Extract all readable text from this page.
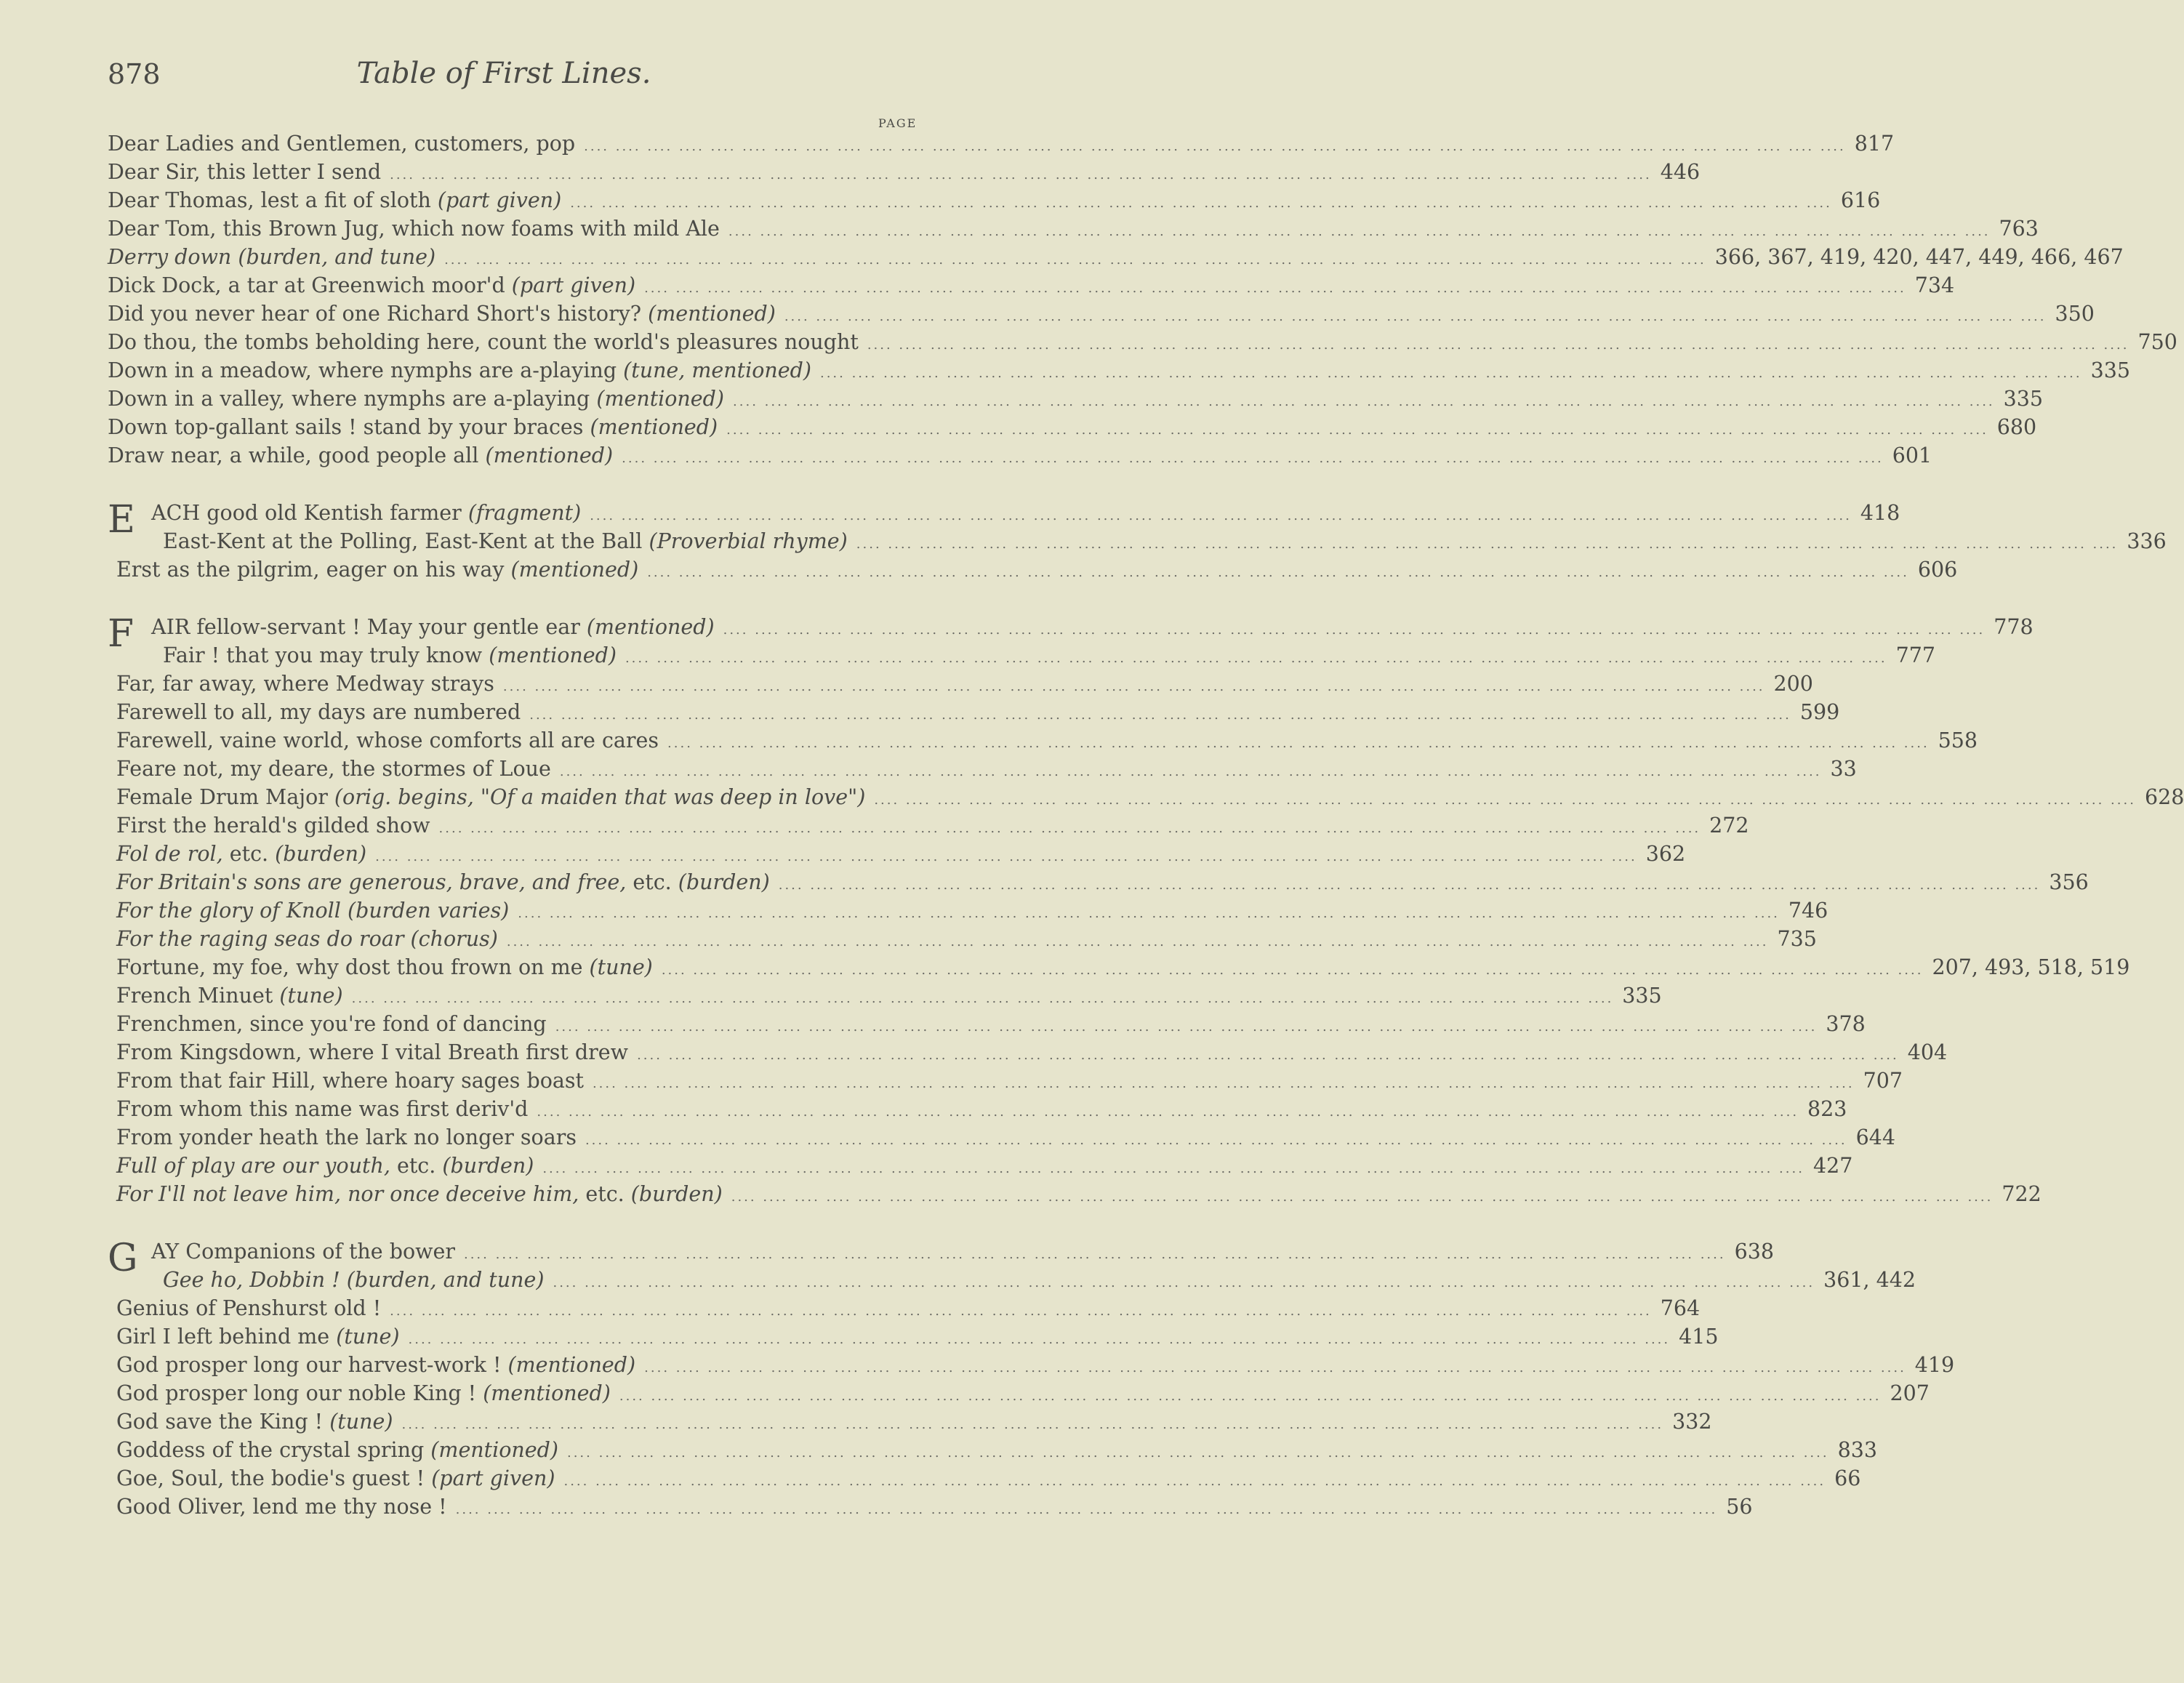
878	Table of First Lines.
PAGE
Dear Ladies and Gentlemen, customers, pop .... .... .... .... .... .... .... .... .... .... .... .... .... .... .... .... .... .... .... .... .... .... .... .... .... .... .... .... .... .... .... .... .... .... .... .... .... .... .... .... 817
Dear Sir, this letter I send .... .... .... .... .... .... .... .... .... .... .... .... .... .... .... .... .... .... .... .... .... .... .... .... .... .... .... .... .... .... .... .... .... .... .... .... .... .... .... .... 446
Dear Thomas, lest a fit of sloth (part given) .... .... .... .... .... .... .... .... .... .... .... .... .... .... .... .... .... .... .... .... .... .... .... .... .... .... .... .... .... .... .... .... .... .... .... .... .... .... .... .... 616
Dear Tom, this Brown Jug, which now foams with mild Ale .... .... .... .... .... .... .... .... .... .... .... .... .... .... .... .... .... .... .... .... .... .... .... .... .... .... .... .... .... .... .... .... .... .... .... .... .... .... .... .... 763
Derry down (burden, and tune) .... .... .... .... .... .... .... .... .... .... .... .... .... .... .... .... .... .... .... .... .... .... .... .... .... .... .... .... .... .... .... .... .... .... .... .... .... .... .... .... 366, 367, 419, 420, 447, 449, 466, 467
Dick Dock, a tar at Greenwich moor'd (part given) .... .... .... .... .... .... .... .... .... .... .... .... .... .... .... .... .... .... .... .... .... .... .... .... .... .... .... .... .... .... .... .... .... .... .... .... .... .... .... .... 734
Did you never hear of one Richard Short's history? (mentioned) .... .... .... .... .... .... .... .... .... .... .... .... .... .... .... .... .... .... .... .... .... .... .... .... .... .... .... .... .... .... .... .... .... .... .... .... .... .... .... .... 350
Do thou, the tombs beholding here, count the world's pleasures nought .... .... .... .... .... .... .... .... .... .... .... .... .... .... .... .... .... .... .... .... .... .... .... .... .... .... .... .... .... .... .... .... .... .... .... .... .... .... .... .... 750
Down in a meadow, where nymphs are a-playing (tune, mentioned) .... .... .... .... .... .... .... .... .... .... .... .... .... .... .... .... .... .... .... .... .... .... .... .... .... .... .... .... .... .... .... .... .... .... .... .... .... .... .... .... 335
Down in a valley, where nymphs are a-playing (mentioned) .... .... .... .... .... .... .... .... .... .... .... .... .... .... .... .... .... .... .... .... .... .... .... .... .... .... .... .... .... .... .... .... .... .... .... .... .... .... .... .... 335
Down top-gallant sails ! stand by your braces (mentioned) .... .... .... .... .... .... .... .... .... .... .... .... .... .... .... .... .... .... .... .... .... .... .... .... .... .... .... .... .... .... .... .... .... .... .... .... .... .... .... .... 680
Draw near, a while, good people all (mentioned) .... .... .... .... .... .... .... .... .... .... .... .... .... .... .... .... .... .... .... .... .... .... .... .... .... .... .... .... .... .... .... .... .... .... .... .... .... .... .... .... 601
E ACH good old Kentish farmer (fragment) .... .... .... .... .... .... .... .... .... .... .... .... .... .... .... .... .... .... .... .... .... .... .... .... .... .... .... .... .... .... .... .... .... .... .... .... .... .... .... .... 418
East-Kent at the Polling, East-Kent at the Ball (Proverbial rhyme) .... .... .... .... .... .... .... .... .... .... .... .... .... .... .... .... .... .... .... .... .... .... .... .... .... .... .... .... .... .... .... .... .... .... .... .... .... .... .... .... 336
Erst as the pilgrim, eager on his way (mentioned) .... .... .... .... .... .... .... .... .... .... .... .... .... .... .... .... .... .... .... .... .... .... .... .... .... .... .... .... .... .... .... .... .... .... .... .... .... .... .... .... 606
F AIR fellow-servant ! May your gentle ear (mentioned) .... .... .... .... .... .... .... .... .... .... .... .... .... .... .... .... .... .... .... .... .... .... .... .... .... .... .... .... .... .... .... .... .... .... .... .... .... .... .... .... 778
Fair ! that you may truly know (mentioned) .... .... .... .... .... .... .... .... .... .... .... .... .... .... .... .... .... .... .... .... .... .... .... .... .... .... .... .... .... .... .... .... .... .... .... .... .... .... .... .... 777
Far, far away, where Medway strays .... .... .... .... .... .... .... .... .... .... .... .... .... .... .... .... .... .... .... .... .... .... .... .... .... .... .... .... .... .... .... .... .... .... .... .... .... .... .... .... 200
Farewell to all, my days are numbered .... .... .... .... .... .... .... .... .... .... .... .... .... .... .... .... .... .... .... .... .... .... .... .... .... .... .... .... .... .... .... .... .... .... .... .... .... .... .... .... 599
Farewell, vaine world, whose comforts all are cares .... .... .... .... .... .... .... .... .... .... .... .... .... .... .... .... .... .... .... .... .... .... .... .... .... .... .... .... .... .... .... .... .... .... .... .... .... .... .... .... 558
Feare not, my deare, the stormes of Loue .... .... .... .... .... .... .... .... .... .... .... .... .... .... .... .... .... .... .... .... .... .... .... .... .... .... .... .... .... .... .... .... .... .... .... .... .... .... .... .... 33
Female Drum Major (orig. begins, "Of a maiden that was deep in love") .... .... .... .... .... .... .... .... .... .... .... .... .... .... .... .... .... .... .... .... .... .... .... .... .... .... .... .... .... .... .... .... .... .... .... .... .... .... .... .... 628
First the herald's gilded show .... .... .... .... .... .... .... .... .... .... .... .... .... .... .... .... .... .... .... .... .... .... .... .... .... .... .... .... .... .... .... .... .... .... .... .... .... .... .... .... 272
Fol de rol, etc. (burden) .... .... .... .... .... .... .... .... .... .... .... .... .... .... .... .... .... .... .... .... .... .... .... .... .... .... .... .... .... .... .... .... .... .... .... .... .... .... .... .... 362
For Britain's sons are generous, brave, and free, etc. (burden) .... .... .... .... .... .... .... .... .... .... .... .... .... .... .... .... .... .... .... .... .... .... .... .... .... .... .... .... .... .... .... .... .... .... .... .... .... .... .... .... 356
For the glory of Knoll (burden varies) .... .... .... .... .... .... .... .... .... .... .... .... .... .... .... .... .... .... .... .... .... .... .... .... .... .... .... .... .... .... .... .... .... .... .... .... .... .... .... .... 746
For the raging seas do roar (chorus) .... .... .... .... .... .... .... .... .... .... .... .... .... .... .... .... .... .... .... .... .... .... .... .... .... .... .... .... .... .... .... .... .... .... .... .... .... .... .... .... 735
Fortune, my foe, why dost thou frown on me (tune) .... .... .... .... .... .... .... .... .... .... .... .... .... .... .... .... .... .... .... .... .... .... .... .... .... .... .... .... .... .... .... .... .... .... .... .... .... .... .... .... 207, 493, 518, 519
French Minuet (tune) .... .... .... .... .... .... .... .... .... .... .... .... .... .... .... .... .... .... .... .... .... .... .... .... .... .... .... .... .... .... .... .... .... .... .... .... .... .... .... .... 335
Frenchmen, since you're fond of dancing .... .... .... .... .... .... .... .... .... .... .... .... .... .... .... .... .... .... .... .... .... .... .... .... .... .... .... .... .... .... .... .... .... .... .... .... .... .... .... .... 378
From Kingsdown, where I vital Breath first drew .... .... .... .... .... .... .... .... .... .... .... .... .... .... .... .... .... .... .... .... .... .... .... .... .... .... .... .... .... .... .... .... .... .... .... .... .... .... .... .... 404
From that fair Hill, where hoary sages boast .... .... .... .... .... .... .... .... .... .... .... .... .... .... .... .... .... .... .... .... .... .... .... .... .... .... .... .... .... .... .... .... .... .... .... .... .... .... .... .... 707
From whom this name was first deriv'd .... .... .... .... .... .... .... .... .... .... .... .... .... .... .... .... .... .... .... .... .... .... .... .... .... .... .... .... .... .... .... .... .... .... .... .... .... .... .... .... 823
From yonder heath the lark no longer soars .... .... .... .... .... .... .... .... .... .... .... .... .... .... .... .... .... .... .... .... .... .... .... .... .... .... .... .... .... .... .... .... .... .... .... .... .... .... .... .... 644
Full of play are our youth, etc. (burden) .... .... .... .... .... .... .... .... .... .... .... .... .... .... .... .... .... .... .... .... .... .... .... .... .... .... .... .... .... .... .... .... .... .... .... .... .... .... .... .... 427
For I'll not leave him, nor once deceive him, etc. (burden) .... .... .... .... .... .... .... .... .... .... .... .... .... .... .... .... .... .... .... .... .... .... .... .... .... .... .... .... .... .... .... .... .... .... .... .... .... .... .... .... 722
G AY Companions of the bower .... .... .... .... .... .... .... .... .... .... .... .... .... .... .... .... .... .... .... .... .... .... .... .... .... .... .... .... .... .... .... .... .... .... .... .... .... .... .... .... 638
Gee ho, Dobbin ! (burden, and tune) .... .... .... .... .... .... .... .... .... .... .... .... .... .... .... .... .... .... .... .... .... .... .... .... .... .... .... .... .... .... .... .... .... .... .... .... .... .... .... .... 361, 442
Genius of Penshurst old ! .... .... .... .... .... .... .... .... .... .... .... .... .... .... .... .... .... .... .... .... .... .... .... .... .... .... .... .... .... .... .... .... .... .... .... .... .... .... .... .... 764
Girl I left behind me (tune) .... .... .... .... .... .... .... .... .... .... .... .... .... .... .... .... .... .... .... .... .... .... .... .... .... .... .... .... .... .... .... .... .... .... .... .... .... .... .... .... 415
God prosper long our harvest-work ! (mentioned) .... .... .... .... .... .... .... .... .... .... .... .... .... .... .... .... .... .... .... .... .... .... .... .... .... .... .... .... .... .... .... .... .... .... .... .... .... .... .... .... 419
God prosper long our noble King ! (mentioned) .... .... .... .... .... .... .... .... .... .... .... .... .... .... .... .... .... .... .... .... .... .... .... .... .... .... .... .... .... .... .... .... .... .... .... .... .... .... .... .... 207
God save the King ! (tune) .... .... .... .... .... .... .... .... .... .... .... .... .... .... .... .... .... .... .... .... .... .... .... .... .... .... .... .... .... .... .... .... .... .... .... .... .... .... .... .... 332
Goddess of the crystal spring (mentioned) .... .... .... .... .... .... .... .... .... .... .... .... .... .... .... .... .... .... .... .... .... .... .... .... .... .... .... .... .... .... .... .... .... .... .... .... .... .... .... .... 833
Goe, Soul, the bodie's guest ! (part given) .... .... .... .... .... .... .... .... .... .... .... .... .... .... .... .... .... .... .... .... .... .... .... .... .... .... .... .... .... .... .... .... .... .... .... .... .... .... .... .... 66
Good Oliver, lend me thy nose ! .... .... .... .... .... .... .... .... .... .... .... .... .... .... .... .... .... .... .... .... .... .... .... .... .... .... .... .... .... .... .... .... .... .... .... .... .... .... .... .... 56
